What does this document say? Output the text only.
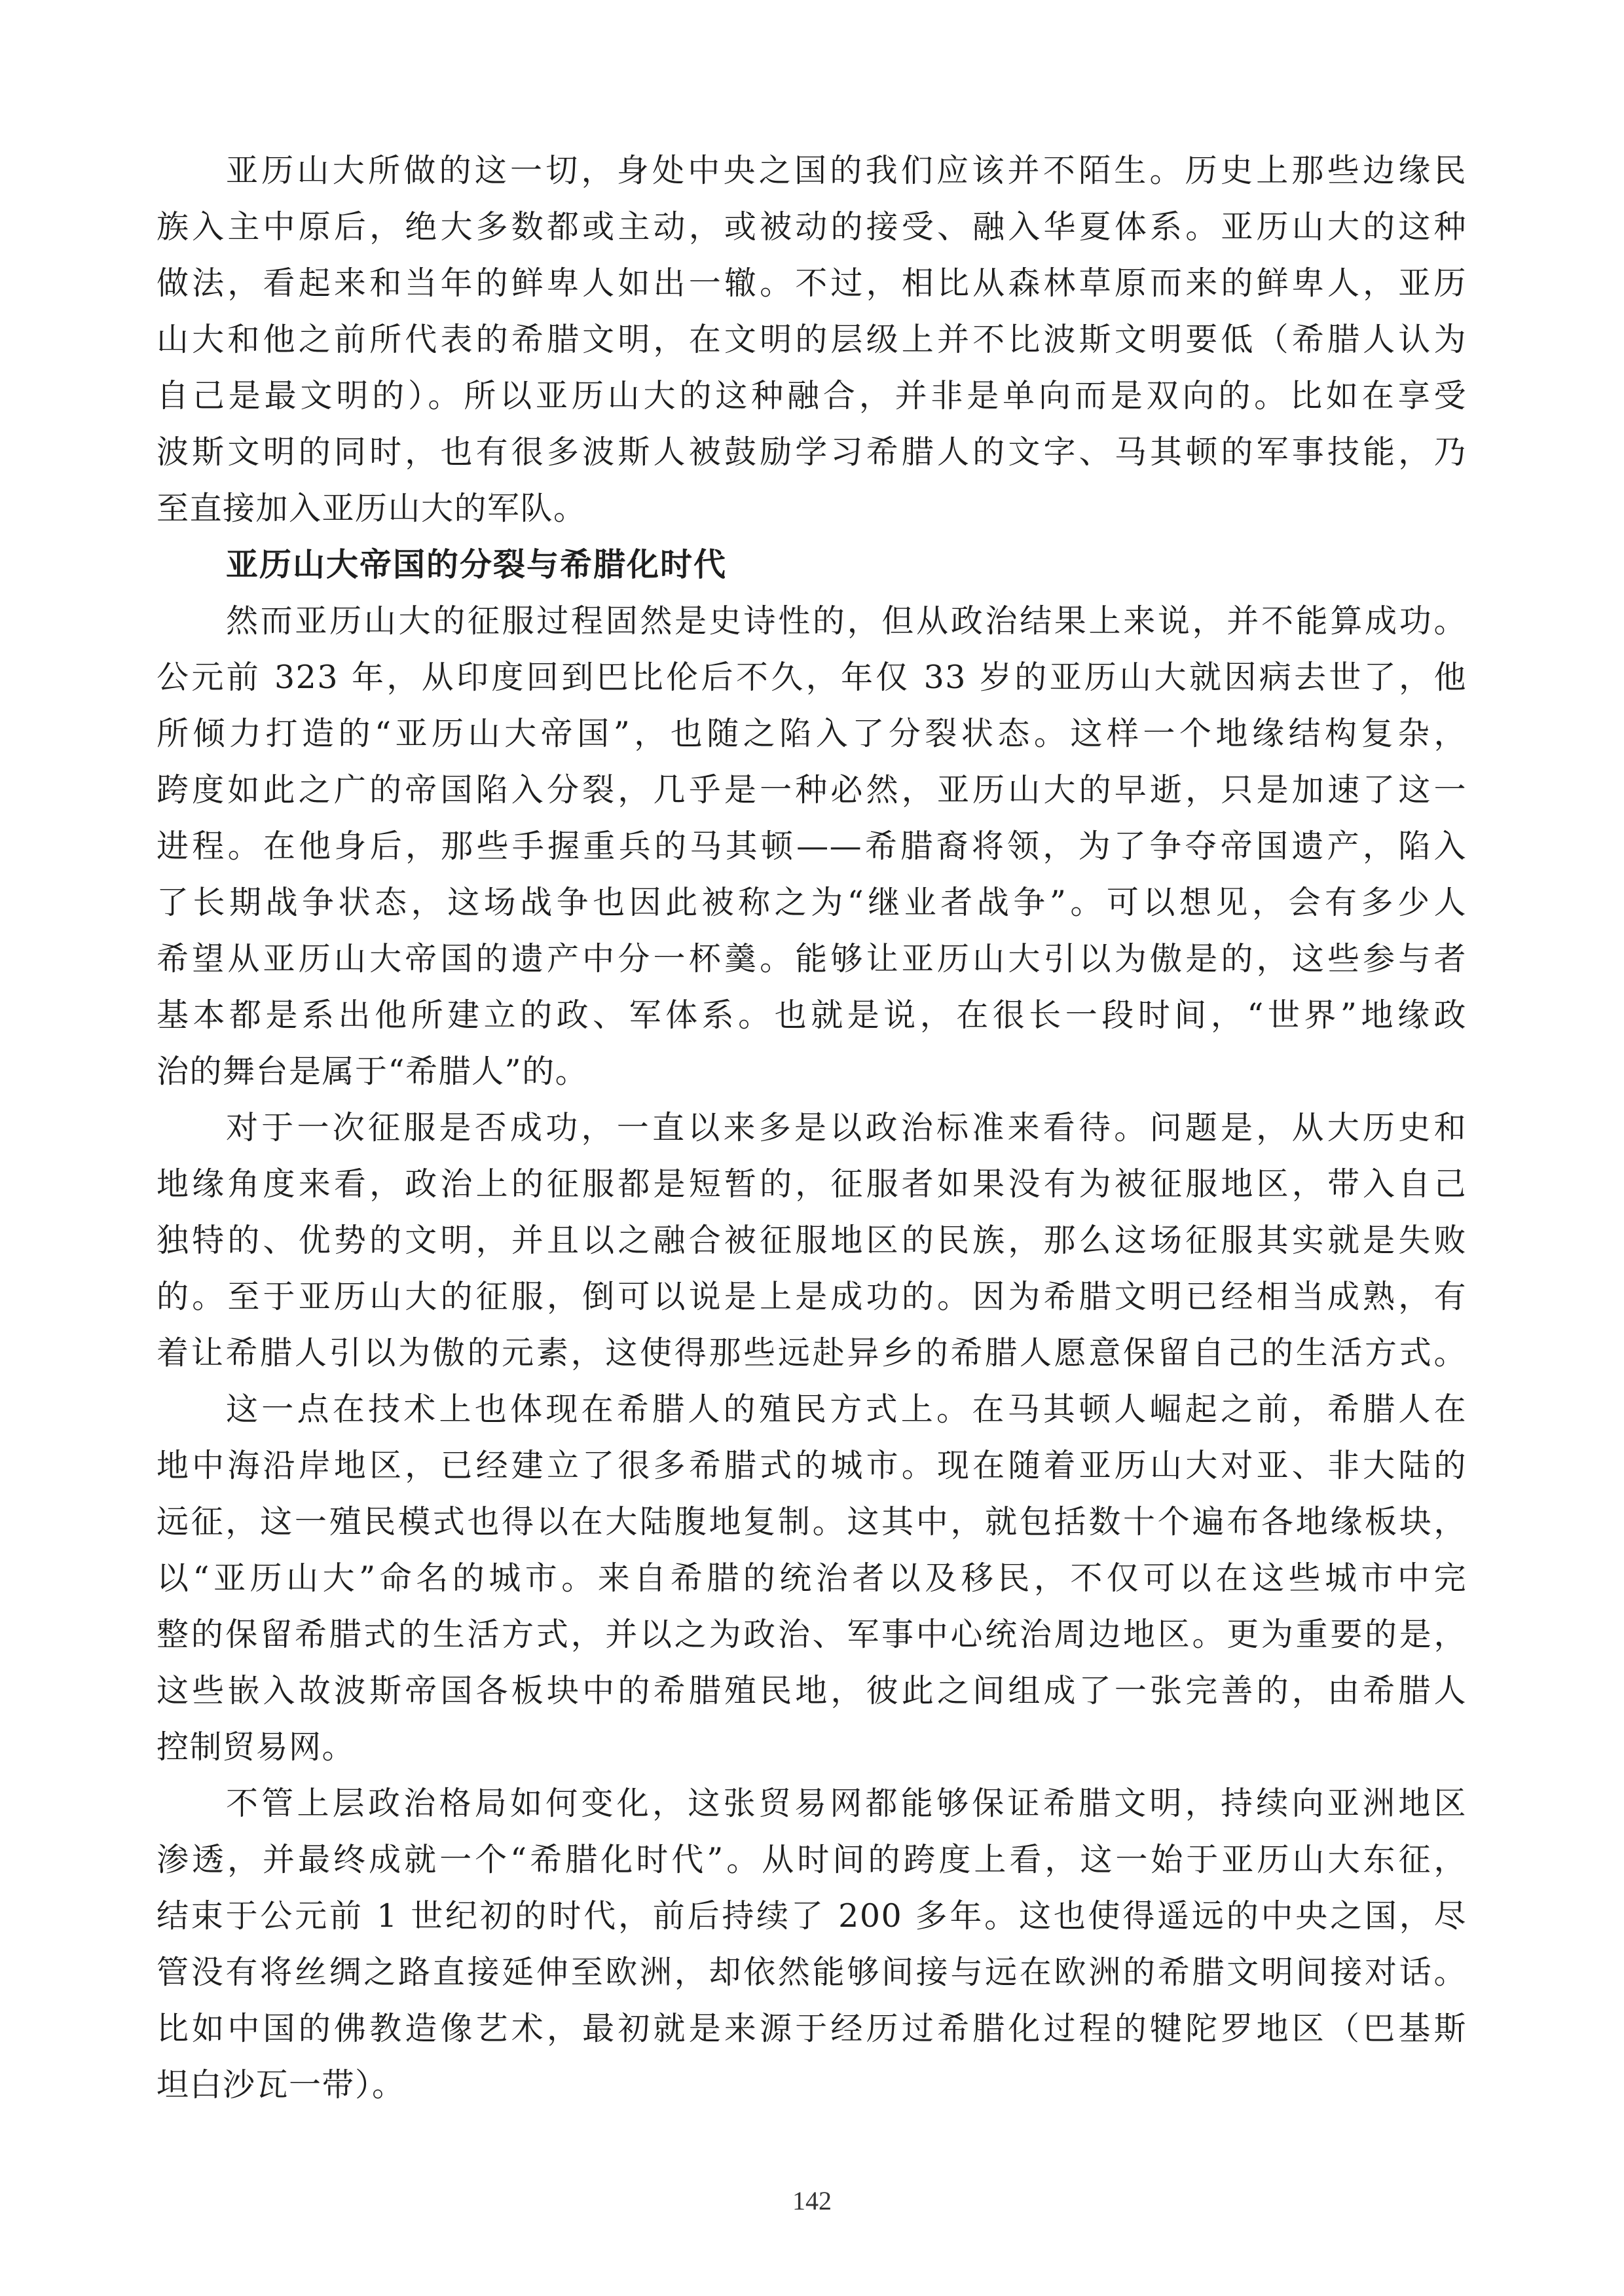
亚历山大所做的这一切，身处中央之国的我们应该并不陌生。历史上那些边缘民
族入主中原后，绝大多数都或主动，或被动的接受、融入华夏体系。亚历山大的这种
做法，看起来和当年的鲜卑人如出一辙。不过，相比从森林草原而来的鲜卑人，亚历
山大和他之前所代表的希腊文明，在文明的层级上并不比波斯文明要低（希腊人认为
自己是最文明的）。所以亚历山大的这种融合，并非是单向而是双向的。比如在享受
波斯文明的同时，也有很多波斯人被鼓励学习希腊人的文字、马其顿的军事技能，乃
至直接加入亚历山大的军队。
亚历山大帝国的分裂与希腊化时代
然而亚历山大的征服过程固然是史诗性的，但从政治结果上来说，并不能算成功。
公元前 323 年，从印度回到巴比伦后不久，年仅 33 岁的亚历山大就因病去世了，他
所倾力打造的“亚历山大帝国”，也随之陷入了分裂状态。这样一个地缘结构复杂，
跨度如此之广的帝国陷入分裂，几乎是一种必然，亚历山大的早逝，只是加速了这一
进程。在他身后，那些手握重兵的马其顿——希腊裔将领，为了争夺帝国遗产，陷入
了长期战争状态，这场战争也因此被称之为“继业者战争”。可以想见，会有多少人
希望从亚历山大帝国的遗产中分一杯羹。能够让亚历山大引以为傲是的，这些参与者
基本都是系出他所建立的政、军体系。也就是说，在很长一段时间，“世界”地缘政
治的舞台是属于“希腊人”的。
对于一次征服是否成功，一直以来多是以政治标准来看待。问题是，从大历史和
地缘角度来看，政治上的征服都是短暂的，征服者如果没有为被征服地区，带入自己
独特的、优势的文明，并且以之融合被征服地区的民族，那么这场征服其实就是失败
的。至于亚历山大的征服，倒可以说是上是成功的。因为希腊文明已经相当成熟，有
着让希腊人引以为傲的元素，这使得那些远赴异乡的希腊人愿意保留自己的生活方式。
这一点在技术上也体现在希腊人的殖民方式上。在马其顿人崛起之前，希腊人在
地中海沿岸地区，已经建立了很多希腊式的城市。现在随着亚历山大对亚、非大陆的
远征，这一殖民模式也得以在大陆腹地复制。这其中，就包括数十个遍布各地缘板块，
以“亚历山大”命名的城市。来自希腊的统治者以及移民，不仅可以在这些城市中完
整的保留希腊式的生活方式，并以之为政治、军事中心统治周边地区。更为重要的是，
这些嵌入故波斯帝国各板块中的希腊殖民地，彼此之间组成了一张完善的，由希腊人
控制贸易网。
不管上层政治格局如何变化，这张贸易网都能够保证希腊文明，持续向亚洲地区
渗透，并最终成就一个“希腊化时代”。从时间的跨度上看，这一始于亚历山大东征，
结束于公元前 1 世纪初的时代，前后持续了 200 多年。这也使得遥远的中央之国，尽
管没有将丝绸之路直接延伸至欧洲，却依然能够间接与远在欧洲的希腊文明间接对话。
比如中国的佛教造像艺术，最初就是来源于经历过希腊化过程的犍陀罗地区（巴基斯
坦白沙瓦一带）。
142
